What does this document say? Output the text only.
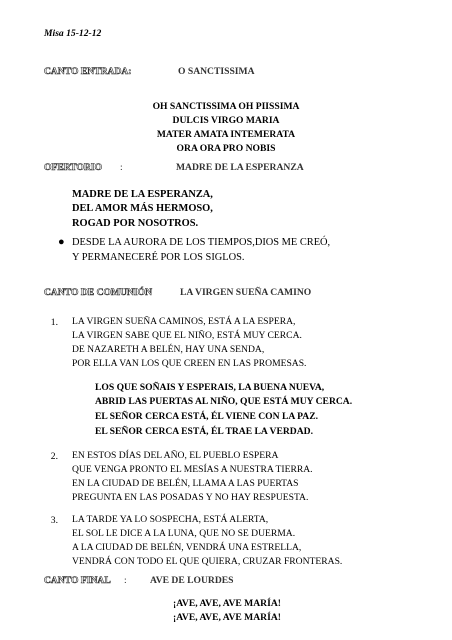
Misa 15-12-12
CANTO ENTRADA:	O SANCTISSIMA
OH SANCTISSIMA OH PIISSIMA
DULCIS VIRGO MARIA
MATER AMATA INTEMERATA
ORA ORA PRO NOBIS
OFERTORIO :	MADRE DE LA ESPERANZA
MADRE DE LA ESPERANZA,
DEL AMOR MÁS HERMOSO,
ROGAD POR NOSOTROS.
● DESDE LA AURORA DE LOS TIEMPOS,DIOS ME CREÓ,
Y PERMANECERÉ POR LOS SIGLOS.
CANTO DE COMUNIÓN	LA VIRGEN SUEÑA CAMINO
1. LA VIRGEN SUEÑA CAMINOS, ESTÁ A LA ESPERA,
LA VIRGEN SABE QUE EL NIÑO, ESTÁ MUY CERCA.
DE NAZARETH A BELÉN, HAY UNA SENDA,
POR ELLA VAN LOS QUE CREEN EN LAS PROMESAS.
LOS QUE SOÑAIS Y ESPERAIS, LA BUENA NUEVA,
ABRID LAS PUERTAS AL NIÑO, QUE ESTÁ MUY CERCA.
EL SEÑOR CERCA ESTÁ, ÉL VIENE CON LA PAZ.
EL SEÑOR CERCA ESTÁ, ÉL TRAE LA VERDAD.
2. EN ESTOS DÍAS DEL AÑO, EL PUEBLO ESPERA
QUE VENGA PRONTO EL MESÍAS A NUESTRA TIERRA.
EN LA CIUDAD DE BELÉN, LLAMA A LAS PUERTAS
PREGUNTA EN LAS POSADAS Y NO HAY RESPUESTA.
3. LA TARDE YA LO SOSPECHA, ESTÁ ALERTA,
EL SOL LE DICE A LA LUNA, QUE NO SE DUERMA.
A LA CIUDAD DE BELÉN, VENDRÁ UNA ESTRELLA,
VENDRÁ CON TODO EL QUE QUIERA, CRUZAR FRONTERAS.
CANTO FINAL : AVE DE LOURDES
¡AVE, AVE, AVE MARÍA!
¡AVE, AVE, AVE MARÍA!
